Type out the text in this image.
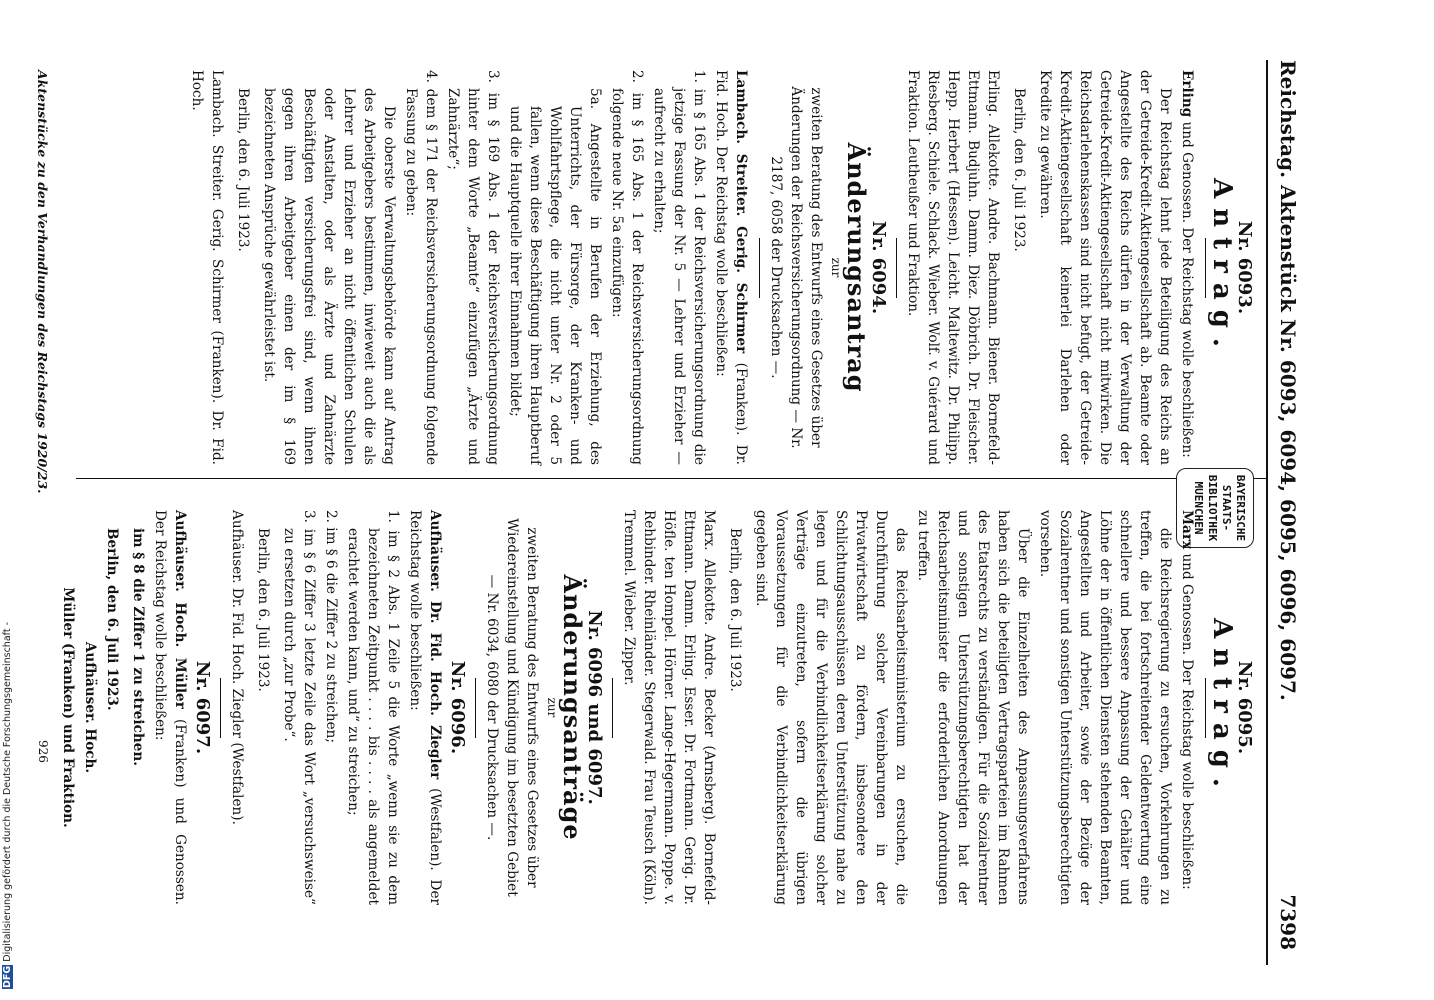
Reichstag. Aktenstück Nr. 6093, 6094, 6095, 6096, 6097.
7398
BAYERISCHE
STAATS-
BIBLIOTHEK
MUENCHEN
Nr. 6093.
Antrag.

Erling und Genossen. Der Reichstag wolle beschließen:

Der Reichstag lehnt jede Beteiligung des Reichs an der Getreide-Kredit-Aktiengesellschaft ab. Beamte oder Angestellte des Reichs dürfen in der Verwaltung der Getreide-Kredit-Aktiengesellschaft nicht mitwirken. Die Reichsdarlehenskassen sind nicht befugt, der Getreide-Kredit-Aktiengesellschaft keinerlei Darlehen oder Kredite zu gewähren.

Berlin, den 6. Juli 1923.

Erling. Allekotte. Andre. Bachmann. Biener. Bornefeld-Ettmann. Budjuhn. Damm. Diez. Döbrich. Dr. Fleischer. Hepp. Herbert (Hessen). Leicht. Maltewitz. Dr. Philipp. Riesberg. Schiele. Schlack. Wieber. Wolf. v. Guérard und Fraktion. Leutheußer und Fraktion.

Nr. 6094.
Änderungsantrag

zur

zweiten Beratung des Entwurfs eines Gesetzes über Änderungen der Reichsversicherungsordnung — Nr. 2187, 6058 der Drucksachen —.

Lambach. Streiter. Gerig. Schirmer (Franken). Dr. Fid. Hoch. Der Reichstag wolle beschließen:

1. im § 165 Abs. 1 der Reichsversicherungsordnung die jetzige Fassung der Nr. 5 — Lehrer und Erzieher — aufrecht zu erhalten;

2. im § 165 Abs. 1 der Reichsversicherungsordnung folgende neue Nr. 5a einzufügen:

5a. Angestellte in Berufen der Erziehung, des Unterrichts, der Fürsorge, der Kranken- und Wohlfahrtspflege, die nicht unter Nr. 2 oder 5 fallen, wenn diese Beschäftigung ihren Hauptberuf und die Hauptquelle ihrer Einnahmen bildet;

3. im § 169 Abs. 1 der Reichsversicherungsordnung hinter dem Worte „Beamte“ einzufügen „Ärzte und Zahnärzte“;

4. dem § 171 der Reichsversicherungsordnung folgende Fassung zu geben:

Die oberste Verwaltungsbehörde kann auf Antrag des Arbeitgebers bestimmen, inwieweit auch die als Lehrer und Erzieher an nicht öffentlichen Schulen oder Anstalten, oder als Ärzte und Zahnärzte Beschäftigten versicherungsfrei sind, wenn ihnen gegen ihren Arbeitgeber einen der im § 169 bezeichneten Ansprüche gewährleistet ist.

Berlin, den 6. Juli 1923.

Lambach. Streiter. Gerig. Schirmer (Franken). Dr. Fid. Hoch.

Nr. 6095.
Antrag.

Marx und Genossen. Der Reichstag wolle beschließen:

die Reichsregierung zu ersuchen, Vorkehrungen zu treffen, die bei fortschreitender Geldentwertung eine schnellere und bessere Anpassung der Gehälter und Löhne der in öffentlichen Diensten stehenden Beamten, Angestellten und Arbeiter, sowie der Bezüge der Sozialrentner und sonstigen Unterstützungsberechtigten vorsehen.

Über die Einzelheiten des Anpassungsverfahrens haben sich die beteiligten Vertragsparteien im Rahmen des Etatsrechts zu verständigen. Für die Sozialrentner und sonstigen Unterstützungsberechtigten hat der Reichsarbeitsminister die erforderlichen Anordnungen zu treffen.

das Reichsarbeitsministerium zu ersuchen, die Durchführung solcher Vereinbarungen in der Privatwirtschaft zu fördern, insbesondere den Schlichtungsausschüssen deren Unterstützung nahe zu legen und für die Verbindlichkeitserklärung solcher Verträge einzutreten, sofern die übrigen Voraussetzungen für die Verbindlichkeitserklärung gegeben sind.

Berlin, den 6. Juli 1923.

Marx. Allekotte. Andre. Becker (Arnsberg). Bornefeld-Ettmann. Damm. Erling. Esser. Dr. Fortmann. Gerig. Dr. Höfle. ten Hompel. Hörner. Lange-Hegermann. Poppe. v. Rehbinder. Rheinländer. Stegerwald. Frau Teusch (Köln). Tremmel. Wieber. Zipper.

Nr. 6096 und 6097.
Änderungsanträge

zur

zweiten Beratung des Entwurfs eines Gesetzes über Wiedereinstellung und Kündigung im besetzten Gebiet — Nr. 6034, 6080 der Drucksachen —.

Nr. 6096.

Aufhäuser. Dr. Fid. Hoch. Ziegler (Westfalen). Der Reichstag wolle beschließen:

1. im § 2 Abs. 1 Zeile 5 die Worte „wenn sie zu dem bezeichneten Zeitpunkt . . . . bis . . . . als angemeldet erachtet werden kann, und“ zu streichen;

2. im § 6 die Ziffer 2 zu streichen;

3. im § 6 Ziffer 3 letzte Zeile das Wort „versuchsweise“ zu ersetzen durch „zur Probe“.

Berlin, den 6. Juli 1923.

Aufhäuser. Dr. Fid. Hoch. Ziegler (Westfalen).

Nr. 6097.

Aufhäuser. Hoch. Müller (Franken) und Genossen. Der Reichstag wolle beschließen:

im § 8 die Ziffer 1 zu streichen.

Berlin, den 6. Juli 1923.

Aufhäuser. Hoch.

Müller (Franken) und Fraktion.

Aktenstücke zu den Verhandlungen des Reichstags 1920/23.
926
DFG Digitalisierung gefördert durch die Deutsche Forschungsgemeinschaft -
